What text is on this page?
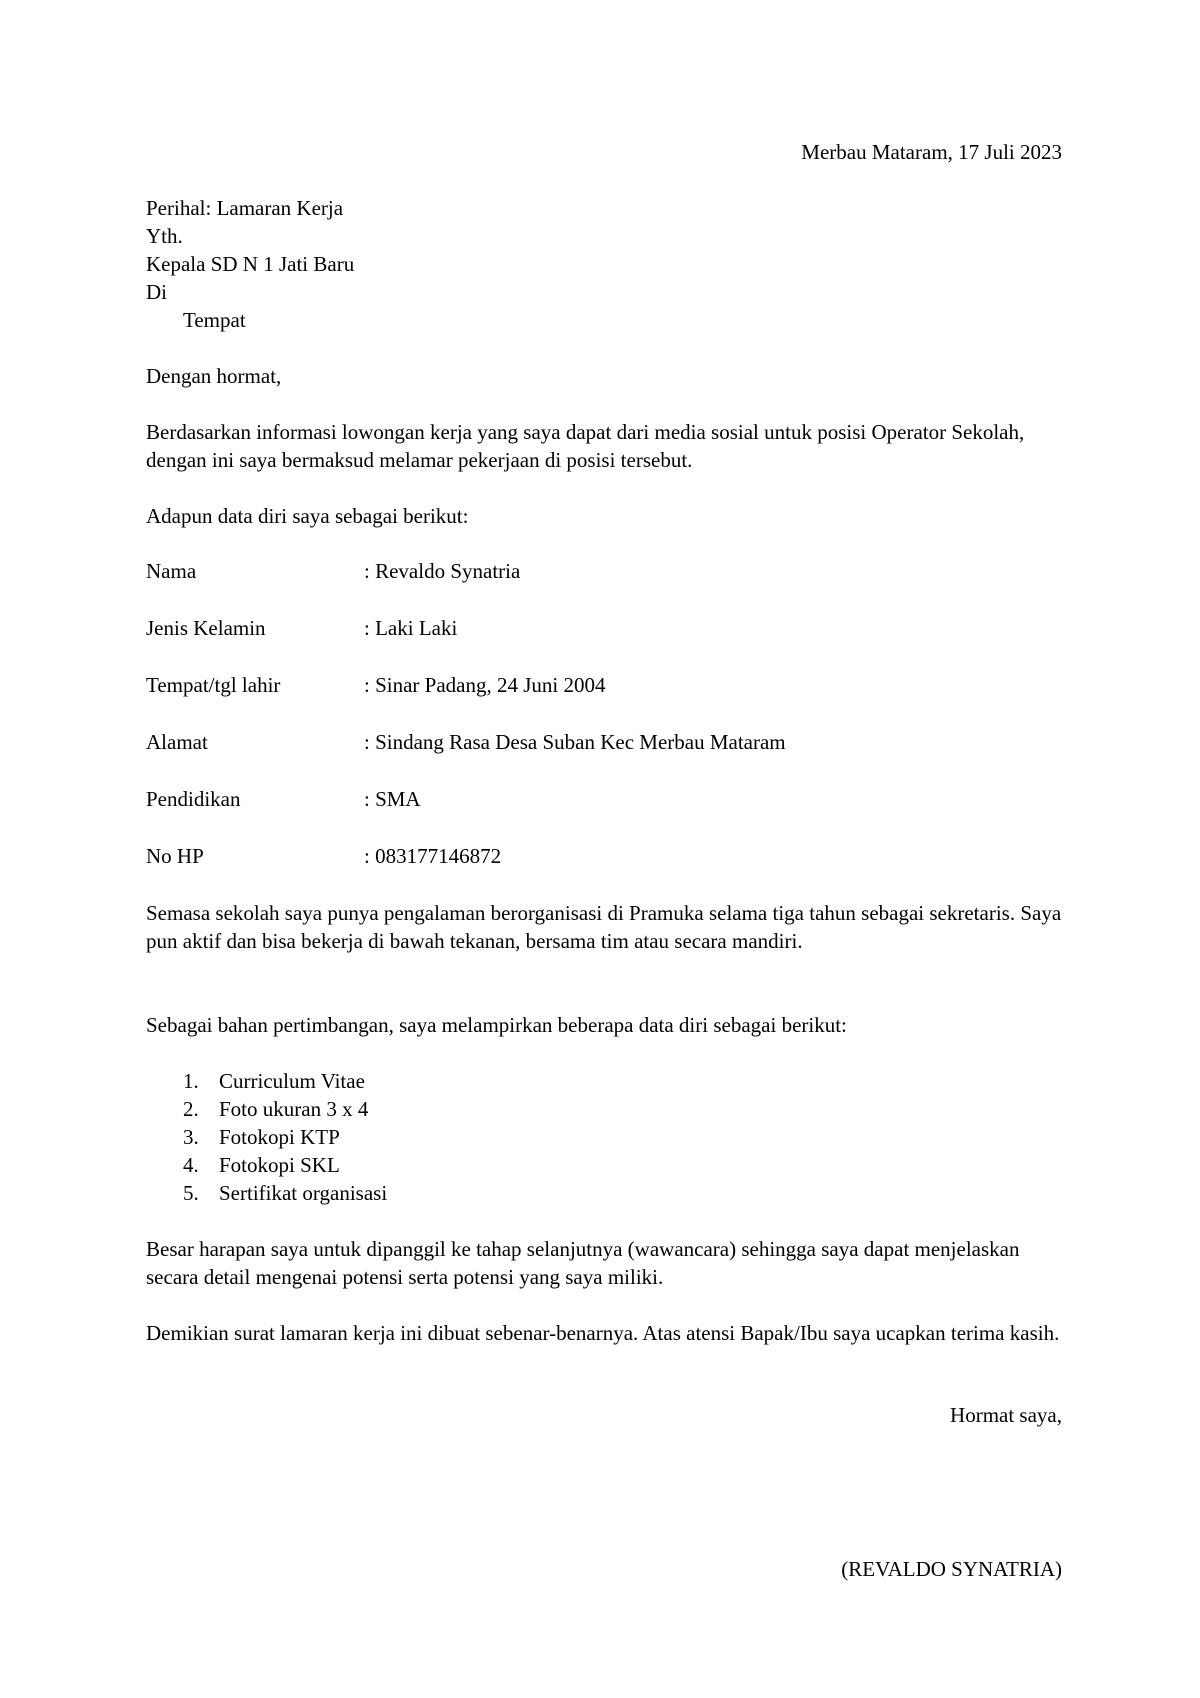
Merbau Mataram, 17 Juli 2023
Perihal: Lamaran Kerja
Yth.
Kepala SD N 1 Jati Baru
Di
Tempat
Dengan hormat,

Berdasarkan informasi lowongan kerja yang saya dapat dari media sosial untuk posisi Operator Sekolah, dengan ini saya bermaksud melamar pekerjaan di posisi tersebut.

Adapun data diri saya sebagai berikut:
Nama	: Revaldo Synatria
Jenis Kelamin	: Laki Laki
Tempat/tgl lahir	: Sinar Padang, 24 Juni 2004
Alamat	: Sindang Rasa Desa Suban Kec Merbau Mataram
Pendidikan	: SMA
No HP	: 083177146872

Semasa sekolah saya punya pengalaman berorganisasi di Pramuka selama tiga tahun sebagai sekretaris. Saya pun aktif dan bisa bekerja di bawah tekanan, bersama tim atau secara mandiri.

Sebagai bahan pertimbangan, saya melampirkan beberapa data diri sebagai berikut:
1. Curriculum Vitae
2. Foto ukuran 3 x 4
3. Fotokopi KTP
4. Fotokopi SKL
5. Sertifikat organisasi

Besar harapan saya untuk dipanggil ke tahap selanjutnya (wawancara) sehingga saya dapat menjelaskan secara detail mengenai potensi serta potensi yang saya miliki.

Demikian surat lamaran kerja ini dibuat sebenar-benarnya. Atas atensi Bapak/Ibu saya ucapkan terima kasih.

Hormat saya,
(REVALDO SYNATRIA)
